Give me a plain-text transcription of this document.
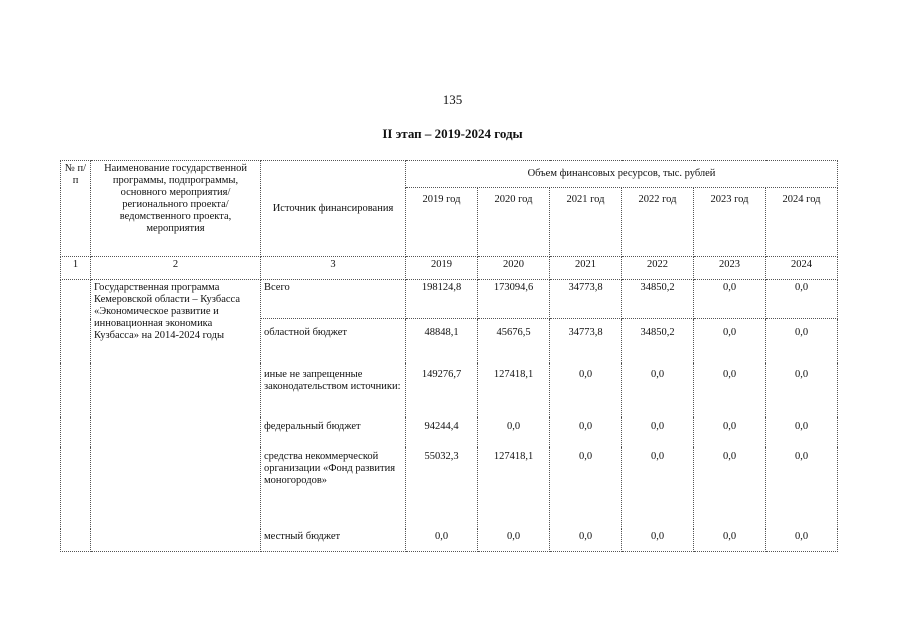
135
II этап – 2019-2024 годы
№ п/п	Наименование государственной программы, подпрограммы, основного мероприятия/регионального проекта/ведомственного проекта, мероприятия	Источник финансирования	Объем финансовых ресурсов, тыс. рублей					
			2019 год	2020 год	2021 год	2022 год	2023 год	2024 год
1	2	3	2019	2020	2021	2022	2023	2024
	Государственная программа Кемеровской области – Кузбасса «Экономическое развитие и инновационная экономика Кузбасса» на 2014-2024 годы	Всего	198124,8	173094,6	34773,8	34850,2	0,0	0,0
		областной бюджет	48848,1	45676,5	34773,8	34850,2	0,0	0,0
		иные не запрещенные законодательством источники:	149276,7	127418,1	0,0	0,0	0,0	0,0
		федеральный бюджет	94244,4	0,0	0,0	0,0	0,0	0,0
		средства некоммерческой организации «Фонд развития моногородов»	55032,3	127418,1	0,0	0,0	0,0	0,0
		местный бюджет	0,0	0,0	0,0	0,0	0,0	0,0
